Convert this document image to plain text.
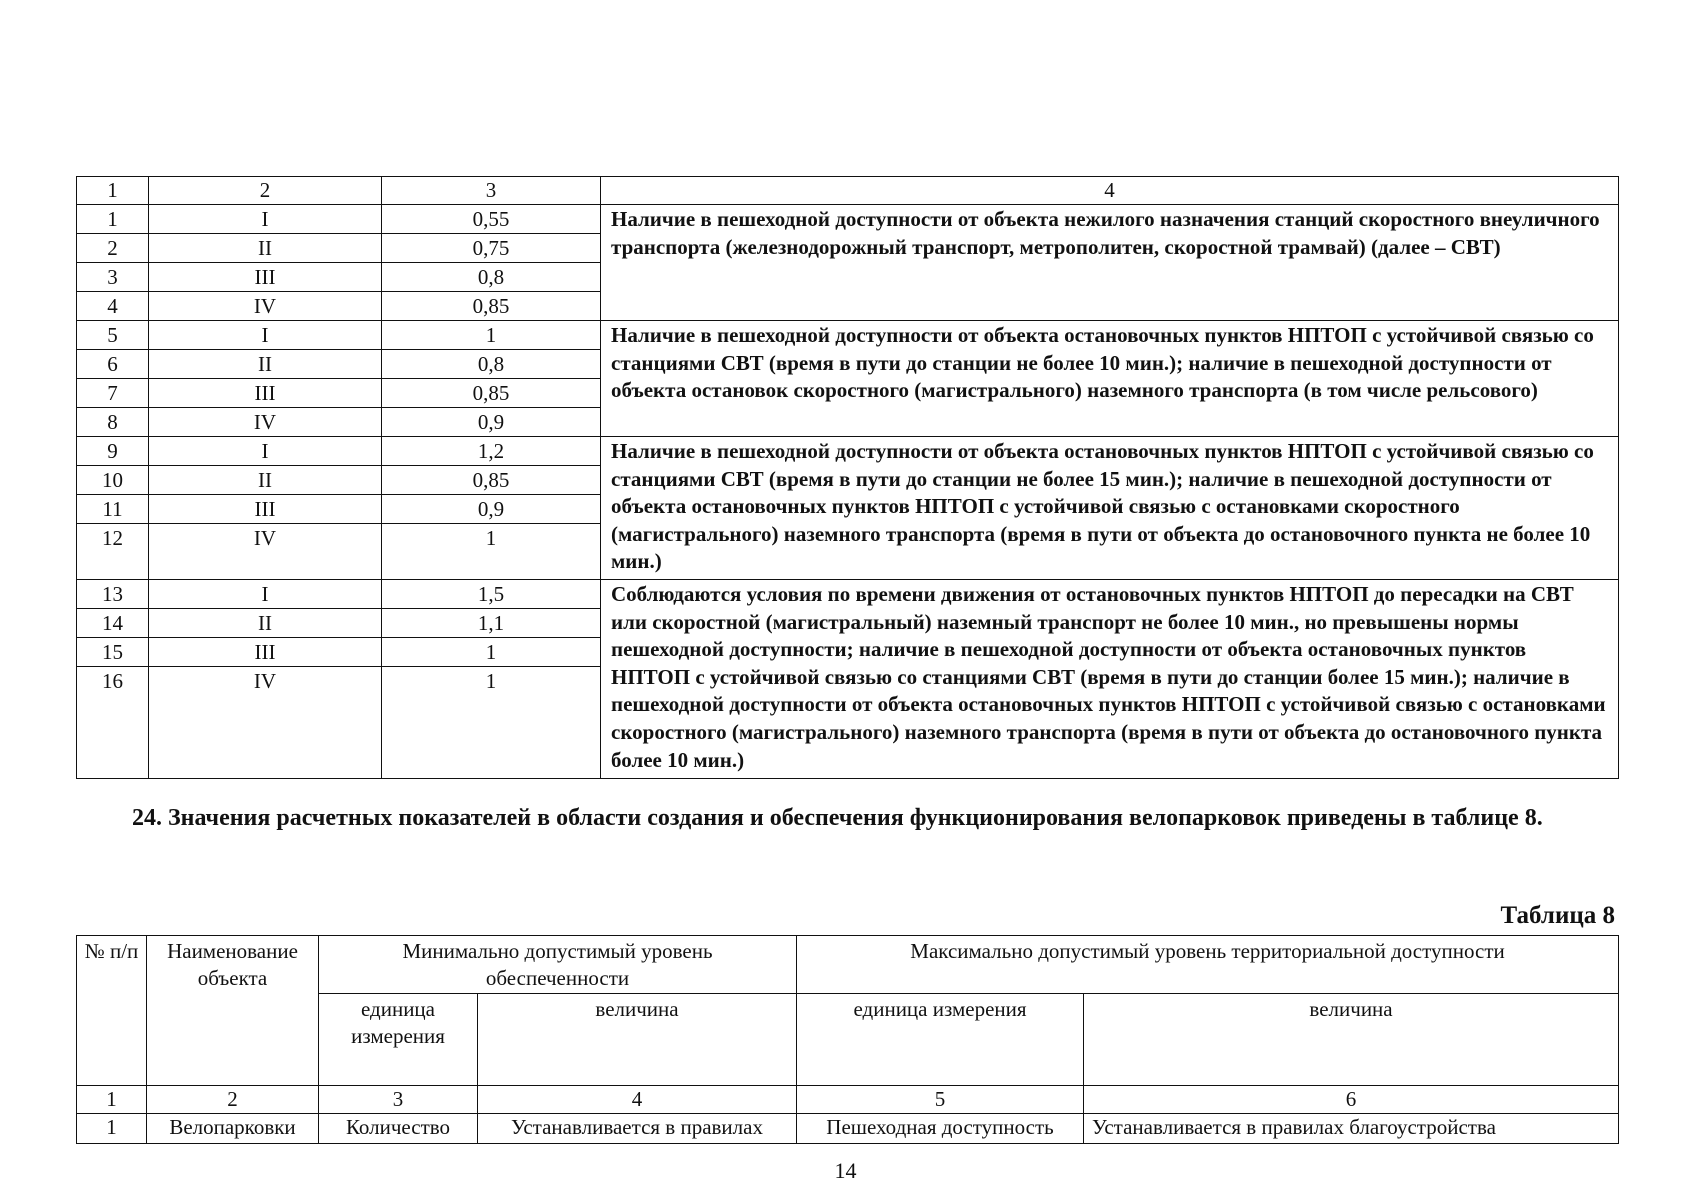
1	2	3	4
1	I	0,55	Наличие в пешеходной доступности от объекта нежилого назначения станций скоростного внеуличного транспорта (железнодорожный транспорт, метрополитен, скоростной трамвай) (далее – СВТ)
2	II	0,75	
3	III	0,8	
4	IV	0,85	
5	I	1	Наличие в пешеходной доступности от объекта остановочных пунктов НПТОП с устойчивой связью со станциями СВТ (время в пути до станции не более 10 мин.); наличие в пешеходной доступности от объекта остановок скоростного (магистрального) наземного транспорта (в том числе рельсового)
6	II	0,8	
7	III	0,85	
8	IV	0,9	
9	I	1,2	Наличие в пешеходной доступности от объекта остановочных пунктов НПТОП с устойчивой связью со станциями СВТ (время в пути до станции не более 15 мин.); наличие в пешеходной доступности от объекта остановочных пунктов НПТОП с устойчивой связью с остановками скоростного (магистрального) наземного транспорта (время в пути от объекта до остановочного пункта не более 10 мин.)
10	II	0,85	
11	III	0,9	
12	IV	1	
13	I	1,5	Соблюдаются условия по времени движения от остановочных пунктов НПТОП до пересадки на СВТ или скоростной (магистральный) наземный транспорт не более 10 мин., но превышены нормы пешеходной доступности; наличие в пешеходной доступности от объекта остановочных пунктов НПТОП с устойчивой связью со станциями СВТ (время в пути до станции более 15 мин.); наличие в пешеходной доступности от объекта остановочных пунктов НПТОП с устойчивой связью с остановками скоростного (магистрального) наземного транспорта (время в пути от объекта до остановочного пункта более 10 мин.)
14	II	1,1	
15	III	1	
16	IV	1	

24. Значения расчетных показателей в области создания и обеспечения функционирования велопарковок приведены в таблице 8.

Таблица 8
№ п/п	Наименование объекта	Минимально допустимый уровень обеспеченности		Максимально допустимый уровень территориальной доступности	
		единица измерения	величина	единица измерения	величина
1	2	3	4	5	6
1	Велопарковки	Количество	Устанавливается в правилах	Пешеходная доступность	Устанавливается в правилах благоустройства
14
